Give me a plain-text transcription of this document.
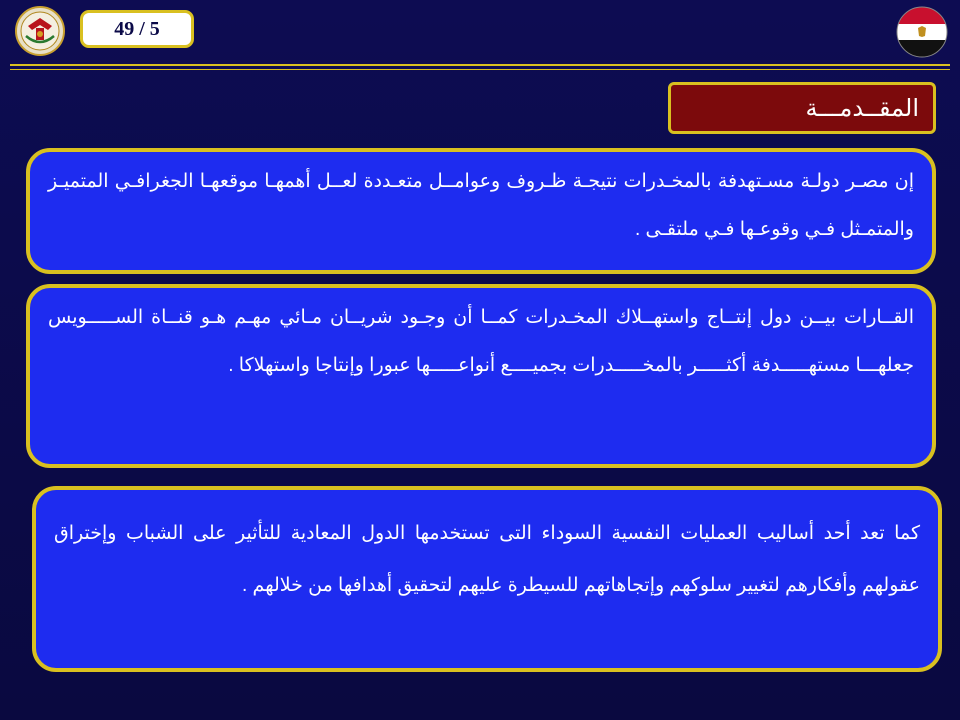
49 / 5
المقــدمـــة
إن مصـر دولـة مسـتهدفة بالمخـدرات نتيجـة ظـروف وعوامــل متعـددة لعــل أهمهـا موقعهـا الجغرافـي المتميـز والمتمـثل فـي وقوعـها فـي ملتقـى .
القــارات بيــن دول إنتــاج واستهــلاك المخـدرات كمــا أن وجـود شريــان مـائي مهـم هـو قنــاة الســـــويس جعلهـــا مستهـــــدفة أكثـــــر بالمخـــــدرات بجميــــع أنواعـــــها عبورا وإنتاجا واستهلاكا .
كما تعد أحد أساليب العمليات النفسية السوداء التى تستخدمها الدول المعادية للتأثير على الشباب وإختراق عقولهم وأفكارهم لتغيير سلوكهم وإتجاهاتهم للسيطرة عليهم لتحقيق أهدافها من خلالهم .
